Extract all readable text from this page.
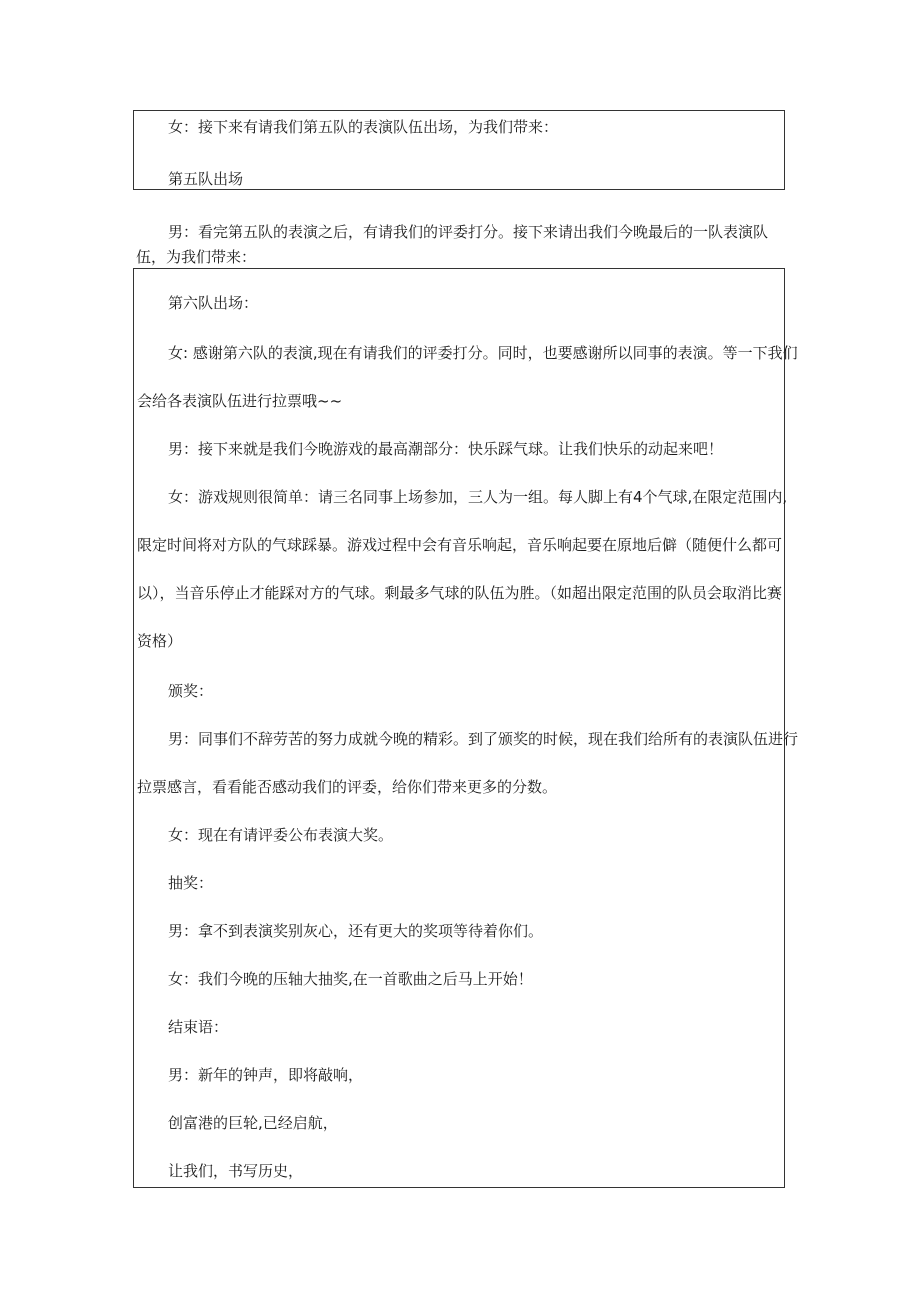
女：接下来有请我们第五队的表演队伍出场，为我们带来：

第五队出场

男：看完第五队的表演之后，有请我们的评委打分。接下来请出我们今晚最后的一队表演队

伍，为我们带来：

第六队出场：

女: 感谢第六队的表演,现在有请我们的评委打分。同时，也要感谢所以同事的表演。等一下我们

会给各表演队伍进行拉票哦~~

男：接下来就是我们今晚游戏的最高潮部分：快乐踩气球。让我们快乐的动起来吧！

女：游戏规则很简单：请三名同事上场参加，三人为一组。每人脚上有4个气球,在限定范围内,

限定时间将对方队的气球踩暴。游戏过程中会有音乐响起，音乐响起要在原地后僻（随便什么都可

以），当音乐停止才能踩对方的气球。剩最多气球的队伍为胜。（如超出限定范围的队员会取消比赛

资格）

颁奖：

男：同事们不辞劳苦的努力成就今晚的精彩。到了颁奖的时候，现在我们给所有的表演队伍进行

拉票感言，看看能否感动我们的评委，给你们带来更多的分数。

女：现在有请评委公布表演大奖。

抽奖：

男：拿不到表演奖别灰心，还有更大的奖项等待着你们。

女：我们今晚的压轴大抽奖,在一首歌曲之后马上开始！

结束语：

男：新年的钟声，即将敲响，

创富港的巨轮,已经启航，

让我们，书写历史，
